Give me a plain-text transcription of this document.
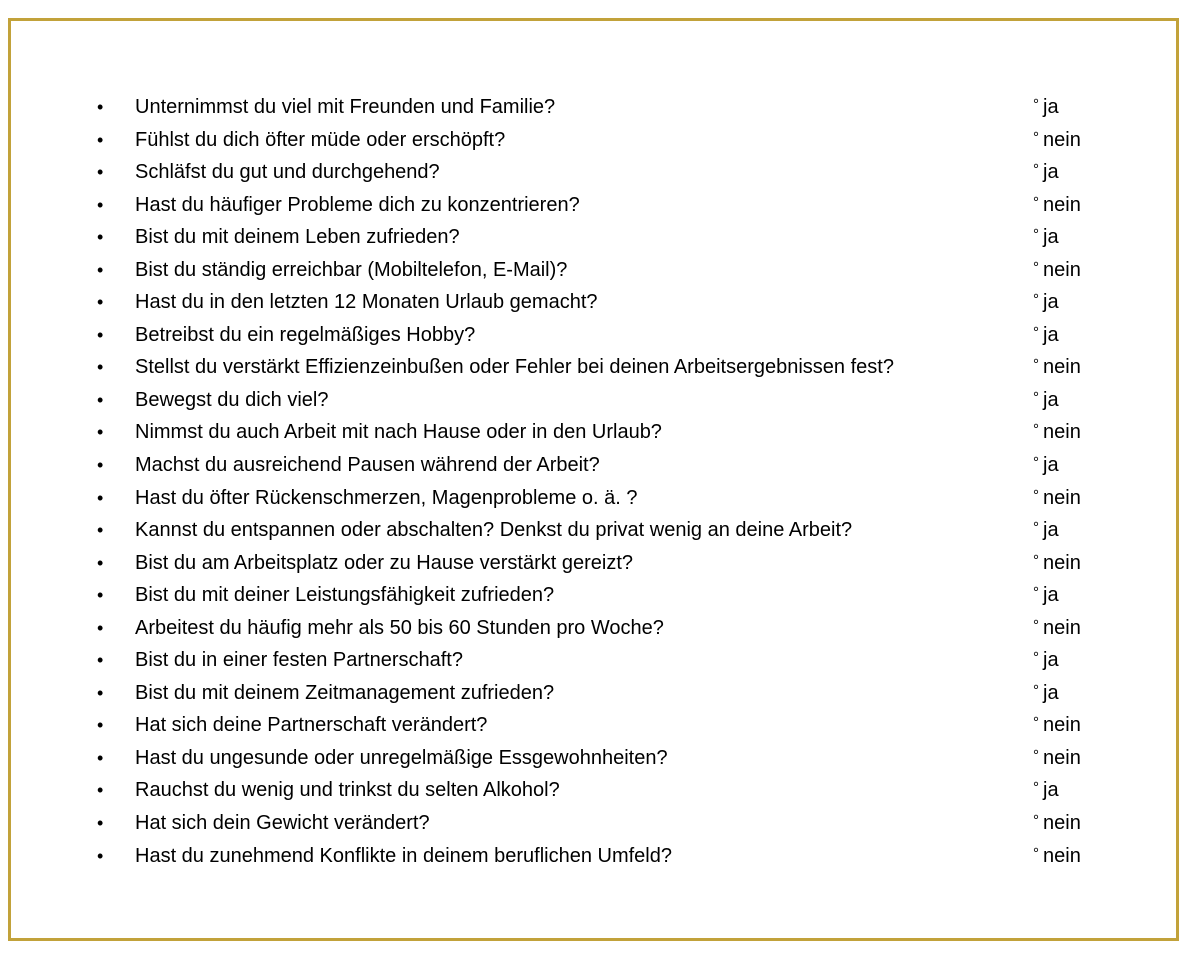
• Unternimmst du viel mit Freunden und Familie?	° ja
• Fühlst du dich öfter müde oder erschöpft?	° nein
• Schläfst du gut und durchgehend?	° ja
• Hast du häufiger Probleme dich zu konzentrieren?	° nein
• Bist du mit deinem Leben zufrieden?	° ja
• Bist du ständig erreichbar (Mobiltelefon, E-Mail)?	° nein
• Hast du in den letzten 12 Monaten Urlaub gemacht?	° ja
• Betreibst du ein regelmäßiges Hobby?	° ja
• Stellst du verstärkt Effizienzeinbußen oder Fehler bei deinen Arbeitsergebnissen fest?	° nein
• Bewegst du dich viel?	° ja
• Nimmst du auch Arbeit mit nach Hause oder in den Urlaub?	° nein
• Machst du ausreichend Pausen während der Arbeit?	° ja
• Hast du öfter Rückenschmerzen, Magenprobleme o. ä. ?	° nein
• Kannst du entspannen oder abschalten? Denkst du privat wenig an deine Arbeit?	° ja
• Bist du am Arbeitsplatz oder zu Hause verstärkt gereizt?	° nein
• Bist du mit deiner Leistungsfähigkeit zufrieden?	° ja
• Arbeitest du häufig mehr als 50 bis 60 Stunden pro Woche?	° nein
• Bist du in einer festen Partnerschaft?	° ja
• Bist du mit deinem Zeitmanagement zufrieden?	° ja
• Hat sich deine Partnerschaft verändert?	° nein
• Hast du ungesunde oder unregelmäßige Essgewohnheiten?	° nein
• Rauchst du wenig und trinkst du selten Alkohol?	° ja
• Hat sich dein Gewicht verändert?	° nein
• Hast du zunehmend Konflikte in deinem beruflichen Umfeld?	° nein
